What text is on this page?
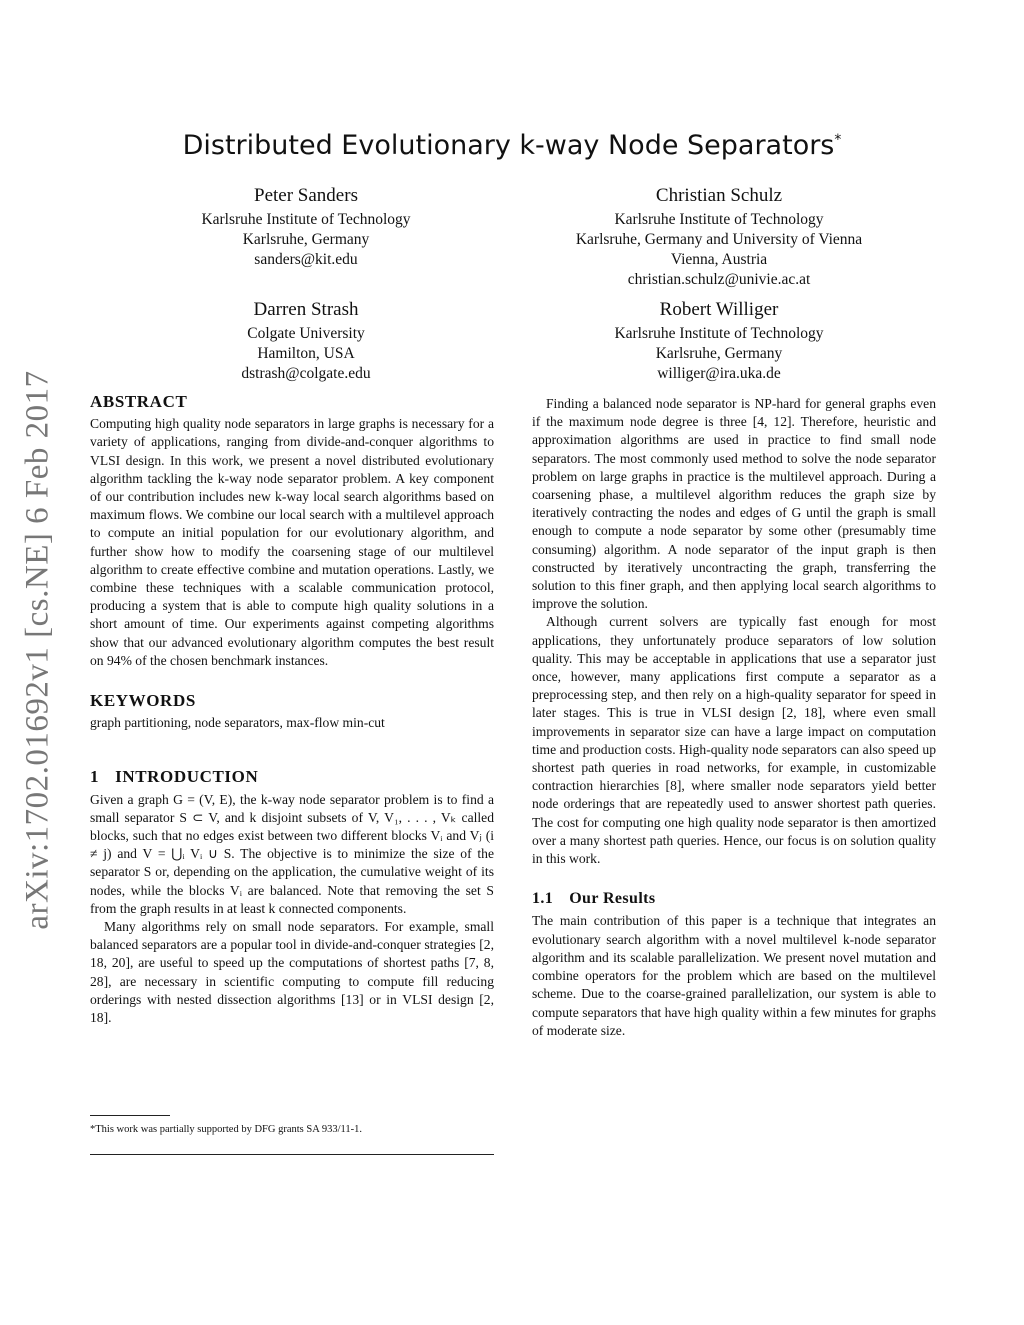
arXiv:1702.01692v1 [cs.NE] 6 Feb 2017
Distributed Evolutionary k-way Node Separators*
Peter Sanders
Karlsruhe Institute of Technology
Karlsruhe, Germany
sanders@kit.edu
Christian Schulz
Karlsruhe Institute of Technology
Karlsruhe, Germany and University of Vienna
Vienna, Austria
christian.schulz@univie.ac.at
Darren Strash
Colgate University
Hamilton, USA
dstrash@colgate.edu
Robert Williger
Karlsruhe Institute of Technology
Karlsruhe, Germany
williger@ira.uka.de
ABSTRACT

Computing high quality node separators in large graphs is necessary for a variety of applications, ranging from divide-and-conquer algorithms to VLSI design. In this work, we present a novel distributed evolutionary algorithm tackling the k-way node separator problem. A key component of our contribution includes new k-way local search algorithms based on maximum flows. We combine our local search with a multilevel approach to compute an initial population for our evolutionary algorithm, and further show how to modify the coarsening stage of our multilevel algorithm to create effective combine and mutation operations. Lastly, we combine these techniques with a scalable communication protocol, producing a system that is able to compute high quality solutions in a short amount of time. Our experiments against competing algorithms show that our advanced evolutionary algorithm computes the best result on 94% of the chosen benchmark instances.

KEYWORDS

graph partitioning, node separators, max-flow min-cut

1 INTRODUCTION

Given a graph G = (V, E), the k-way node separator problem is to find a small separator S ⊂ V, and k disjoint subsets of V, V₁, . . . , Vₖ called blocks, such that no edges exist between two different blocks Vᵢ and Vⱼ (i ≠ j) and V = ⋃ᵢ Vᵢ ∪ S. The objective is to minimize the size of the separator S or, depending on the application, the cumulative weight of its nodes, while the blocks Vᵢ are balanced. Note that removing the set S from the graph results in at least k connected components.

Many algorithms rely on small node separators. For example, small balanced separators are a popular tool in divide-and-conquer strategies [2, 18, 20], are useful to speed up the computations of shortest paths [7, 8, 28], are necessary in scientific computing to compute fill reducing orderings with nested dissection algorithms [13] or in VLSI design [2, 18].

*This work was partially supported by DFG grants SA 933/11-1.

Finding a balanced node separator is NP-hard for general graphs even if the maximum node degree is three [4, 12]. Therefore, heuristic and approximation algorithms are used in practice to find small node separators. The most commonly used method to solve the node separator problem on large graphs in practice is the multilevel approach. During a coarsening phase, a multilevel algorithm reduces the graph size by iteratively contracting the nodes and edges of G until the graph is small enough to compute a node separator by some other (presumably time consuming) algorithm. A node separator of the input graph is then constructed by iteratively uncontracting the graph, transferring the solution to this finer graph, and then applying local search algorithms to improve the solution.

Although current solvers are typically fast enough for most applications, they unfortunately produce separators of low solution quality. This may be acceptable in applications that use a separator just once, however, many applications first compute a separator as a preprocessing step, and then rely on a high-quality separator for speed in later stages. This is true in VLSI design [2, 18], where even small improvements in separator size can have a large impact on computation time and production costs. High-quality node separators can also speed up shortest path queries in road networks, for example, in customizable contraction hierarchies [8], where smaller node separators yield better node orderings that are repeatedly used to answer shortest path queries. The cost for computing one high quality node separator is then amortized over a many shortest path queries. Hence, our focus is on solution quality in this work.

1.1 Our Results

The main contribution of this paper is a technique that integrates an evolutionary search algorithm with a novel multilevel k-node separator algorithm and its scalable parallelization. We present novel mutation and combine operators for the problem which are based on the multilevel scheme. Due to the coarse-grained parallelization, our system is able to compute separators that have high quality within a few minutes for graphs of moderate size.
